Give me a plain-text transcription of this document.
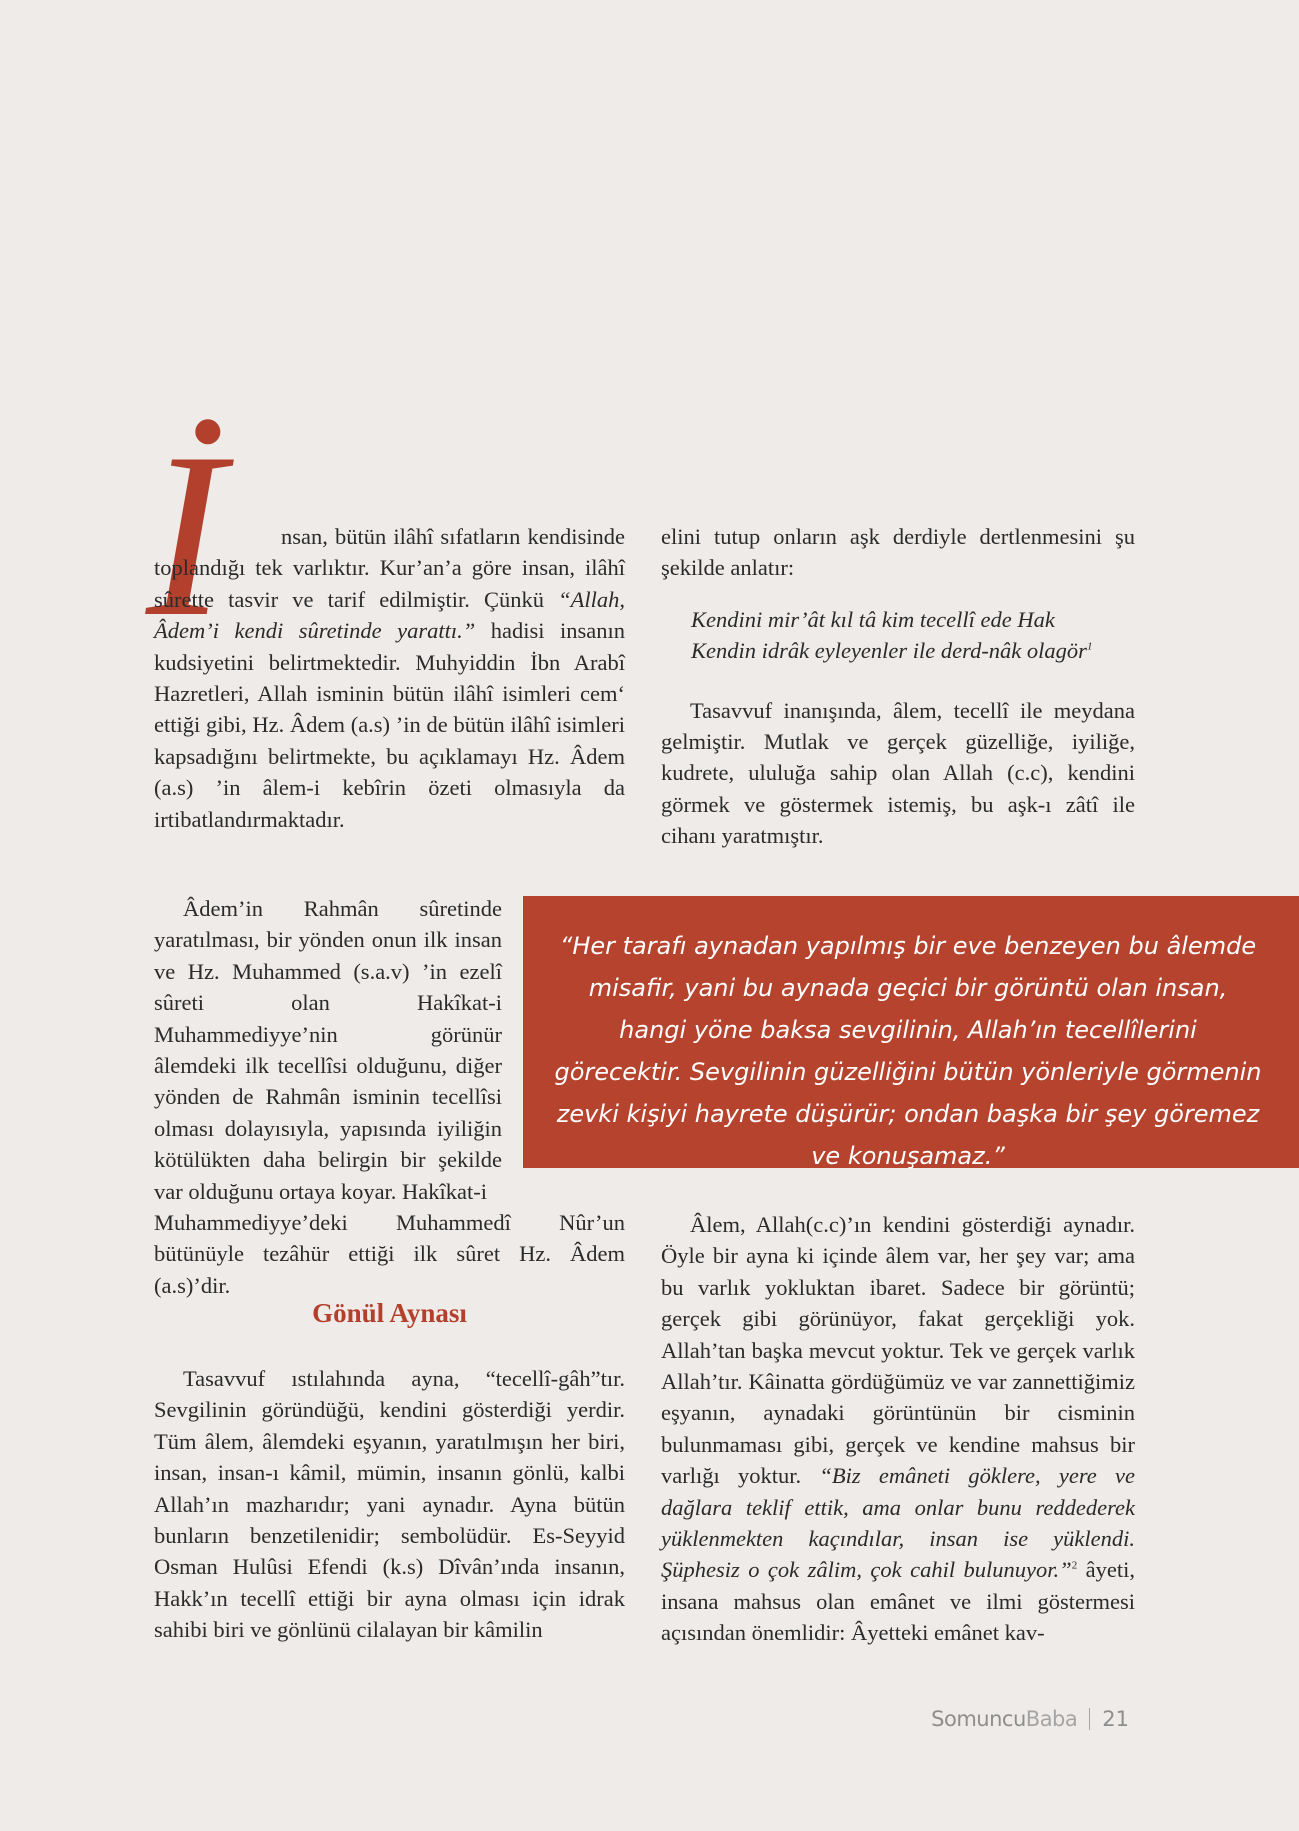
İ	nsan, bütün ilâhî sıfatların kendisinde toplandığı tek varlıktır. Kur’an’a göre insan, ilâhî sûrette tasvir ve tarif edilmiştir. Çünkü “Allah, Âdem’i kendi sûretinde yarattı.” hadisi insanın kudsiyetini belirtmektedir. Muhyiddin İbn Arabî Hazretleri, Allah isminin bütün ilâhî isimleri cem‘ ettiği gibi, Hz. Âdem (a.s) ’in de bütün ilâhî isimleri kapsadığını belirtmekte, bu açıklamayı Hz. Âdem (a.s) ’in âlem-i kebîrin özeti olmasıyla da irtibatlandırmaktadır.

elini tutup onların aşk derdiyle dertlenmesini şu şekilde anlatır:

Kendini mir’ât kıl tâ kim tecellî ede Hak
Kendin idrâk eyleyenler ile derd-nâk olagör$^1$

Tasavvuf inanışında, âlem, tecellî ile meydana gelmiştir. Mutlak ve gerçek güzelliğe, iyiliğe, kudrete, ululuğa sahip olan Allah (c.c), kendini görmek ve göstermek istemiş, bu aşk-ı zâtî ile cihanı yaratmıştır.

“Her tarafı aynadan yapılmış bir eve benzeyen bu âlemde misafir, yani bu aynada geçici bir görüntü olan insan, hangi yöne baksa sevgilinin, Allah’ın tecellîlerini görecektir. Sevgilinin güzelliğini bütün yönleriyle görmenin zevki kişiyi hayrete düşürür; ondan başka bir şey göremez ve konuşamaz.”

Âdem’in Rahmân sûretinde yaratılması, bir yönden onun ilk insan ve Hz. Muhammed (s.a.v) ’in ezelî sûreti olan Hakîkat-i Muhammediyye’nin görünür âlemdeki ilk tecellîsi olduğunu, diğer yönden de Rahmân isminin tecellîsi olması dolayısıyla, yapısında iyiliğin kötülükten daha belirgin bir şekilde var olduğunu ortaya koyar. Hakîkat-i

Muhammediyye’deki Muhammedî Nûr’un bütünüyle tezâhür ettiği ilk sûret Hz. Âdem (a.s)’dir.

Gönül Aynası

Tasavvuf ıstılahında ayna, “tecellî-gâh”tır. Sevgilinin göründüğü, kendini gösterdiği yerdir. Tüm âlem, âlemdeki eşyanın, yaratılmışın her biri, insan, insan-ı kâmil, mümin, insanın gönlü, kalbi Allah’ın mazharıdır; yani aynadır. Ayna bütün bunların benzetilenidir; sembolüdür. Es-Seyyid Osman Hulûsi Efendi (k.s) Dîvân’ında insanın, Hakk’ın tecellî ettiği bir ayna olması için idrak sahibi biri ve gönlünü cilalayan bir kâmilin

Âlem, Allah(c.c)’ın kendini gösterdiği aynadır. Öyle bir ayna ki içinde âlem var, her şey var; ama bu varlık yokluktan ibaret. Sadece bir görüntü; gerçek gibi görünüyor, fakat gerçekliği yok. Allah’tan başka mevcut yoktur. Tek ve gerçek varlık Allah’tır. Kâinatta gördüğümüz ve var zannettiğimiz eşyanın, aynadaki görüntünün bir cisminin bulunmaması gibi, gerçek ve kendine mahsus bir varlığı yoktur. “Biz emâneti göklere, yere ve dağlara teklif ettik, ama onlar bunu reddederek yüklenmekten kaçındılar, insan ise yüklendi. Şüphesiz o çok zâlim, çok cahil bulunuyor.”$^2$ âyeti, insana mahsus olan emânet ve ilmi göstermesi açısından önemlidir: Âyetteki emânet kav-

Somuncu Baba 21
